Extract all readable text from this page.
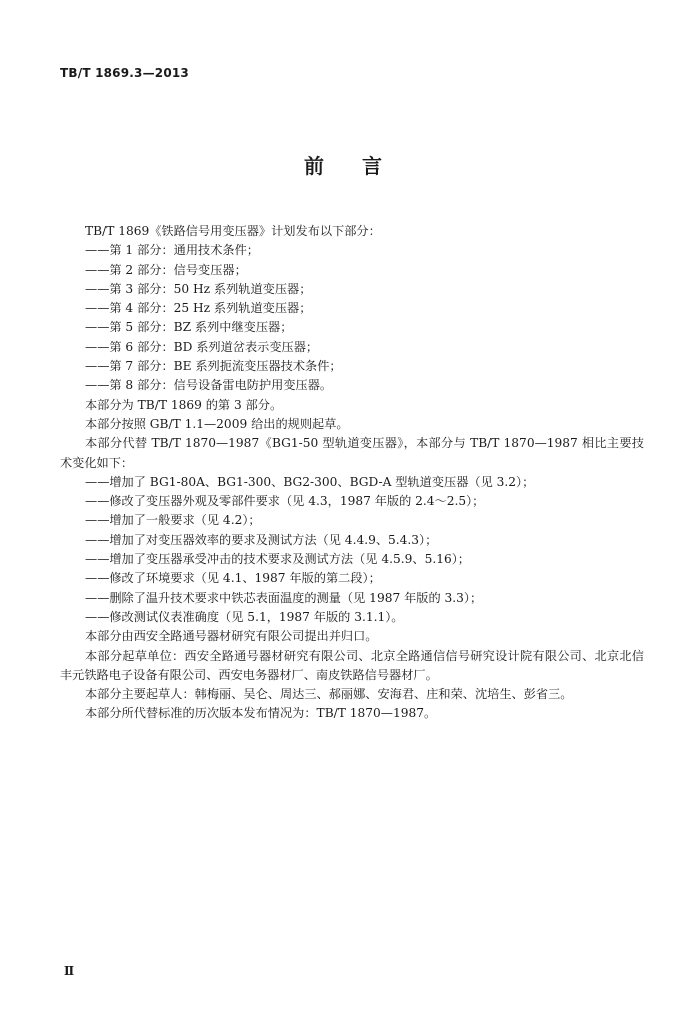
TB/T 1869.3—2013
前言
TB/T 1869《铁路信号用变压器》计划发布以下部分：
——第 1 部分：通用技术条件；
——第 2 部分：信号变压器；
——第 3 部分：50 Hz 系列轨道变压器；
——第 4 部分：25 Hz 系列轨道变压器；
——第 5 部分：BZ 系列中继变压器；
——第 6 部分：BD 系列道岔表示变压器；
——第 7 部分：BE 系列扼流变压器技术条件；
——第 8 部分：信号设备雷电防护用变压器。
本部分为 TB/T 1869 的第 3 部分。
本部分按照 GB/T 1.1—2009 给出的规则起草。
本部分代替 TB/T 1870—1987《BG1-50 型轨道变压器》，本部分与 TB/T 1870—1987 相比主要技术变化如下：
——增加了 BG1-80A、BG1-300、BG2-300、BGD-A 型轨道变压器（见 3.2）；
——修改了变压器外观及零部件要求（见 4.3，1987 年版的 2.4～2.5）；
——增加了一般要求（见 4.2）；
——增加了对变压器效率的要求及测试方法（见 4.4.9、5.4.3）；
——增加了变压器承受冲击的技术要求及测试方法（见 4.5.9、5.16）；
——修改了环境要求（见 4.1、1987 年版的第二段）；
——删除了温升技术要求中铁芯表面温度的测量（见 1987 年版的 3.3）；
——修改测试仪表准确度（见 5.1，1987 年版的 3.1.1）。
本部分由西安全路通号器材研究有限公司提出并归口。
本部分起草单位：西安全路通号器材研究有限公司、北京全路通信信号研究设计院有限公司、北京北信丰元铁路电子设备有限公司、西安电务器材厂、南皮铁路信号器材厂。
本部分主要起草人：韩梅丽、吴仑、周达三、郝丽娜、安海君、庄和荣、沈培生、彭省三。
本部分所代替标准的历次版本发布情况为：TB/T 1870—1987。
Ⅱ
